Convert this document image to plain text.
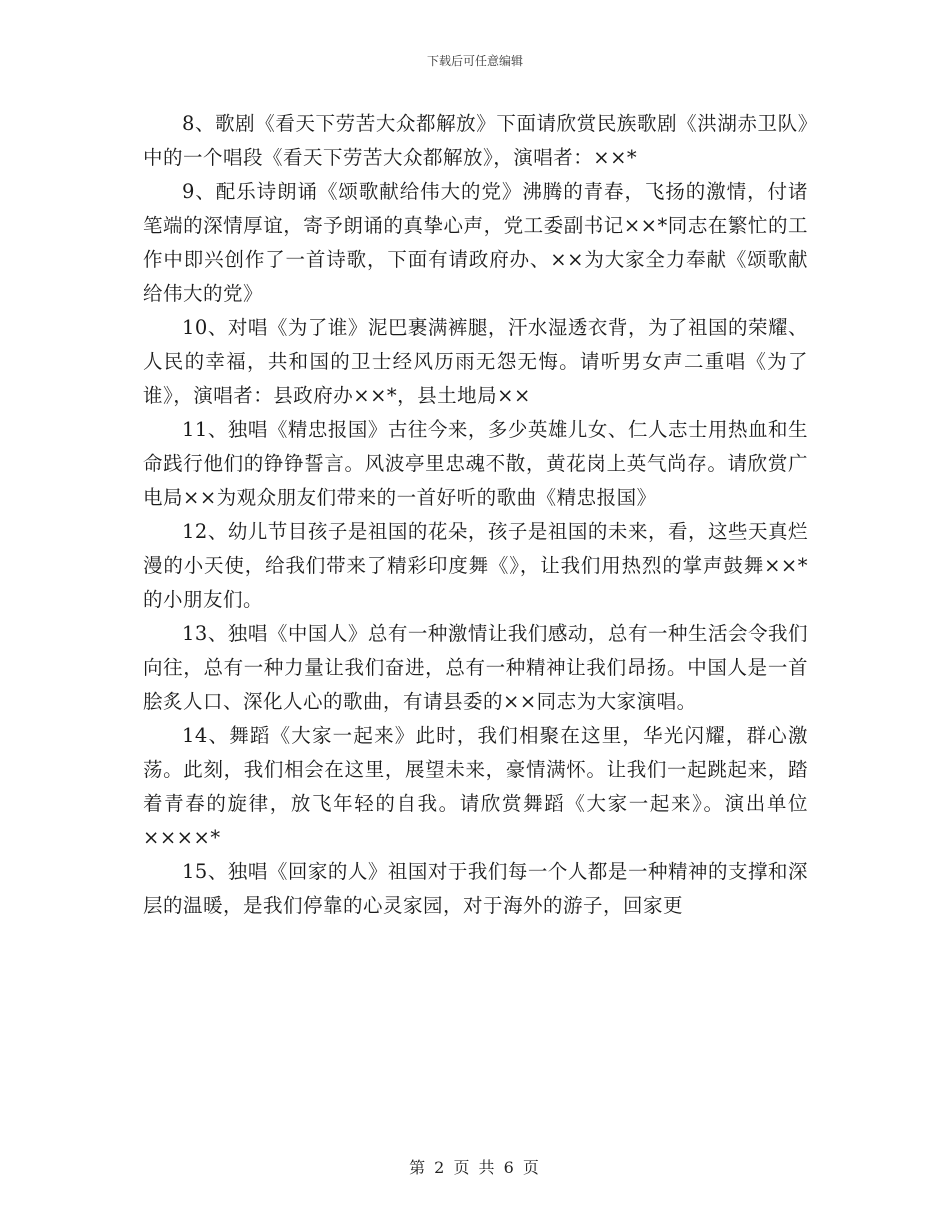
下载后可任意编辑

8、歌剧《看天下劳苦大众都解放》下面请欣赏民族歌剧《洪湖赤卫队》中的一个唱段《看天下劳苦大众都解放》，演唱者：××*

9、配乐诗朗诵《颂歌献给伟大的党》沸腾的青春，飞扬的激情，付诸笔端的深情厚谊，寄予朗诵的真挚心声，党工委副书记××*同志在繁忙的工作中即兴创作了一首诗歌，下面有请政府办、××为大家全力奉献《颂歌献给伟大的党》

10、对唱《为了谁》泥巴裹满裤腿，汗水湿透衣背，为了祖国的荣耀、人民的幸福，共和国的卫士经风历雨无怨无悔。请听男女声二重唱《为了谁》，演唱者：县政府办××*，县土地局××

11、独唱《精忠报国》古往今来，多少英雄儿女、仁人志士用热血和生命践行他们的铮铮誓言。风波亭里忠魂不散，黄花岗上英气尚存。请欣赏广电局××为观众朋友们带来的一首好听的歌曲《精忠报国》

12、幼儿节目孩子是祖国的花朵，孩子是祖国的未来，看，这些天真烂漫的小天使，给我们带来了精彩印度舞《》，让我们用热烈的掌声鼓舞××*的小朋友们。

13、独唱《中国人》总有一种激情让我们感动，总有一种生活会令我们向往，总有一种力量让我们奋进，总有一种精神让我们昂扬。中国人是一首脍炙人口、深化人心的歌曲，有请县委的××同志为大家演唱。

14、舞蹈《大家一起来》此时，我们相聚在这里，华光闪耀，群心激荡。此刻，我们相会在这里，展望未来，豪情满怀。让我们一起跳起来，踏着青春的旋律，放飞年轻的自我。请欣赏舞蹈《大家一起来》。演出单位××××*

15、独唱《回家的人》祖国对于我们每一个人都是一种精神的支撑和深层的温暖，是我们停靠的心灵家园，对于海外的游子，回家更

第 2 页 共 6 页
